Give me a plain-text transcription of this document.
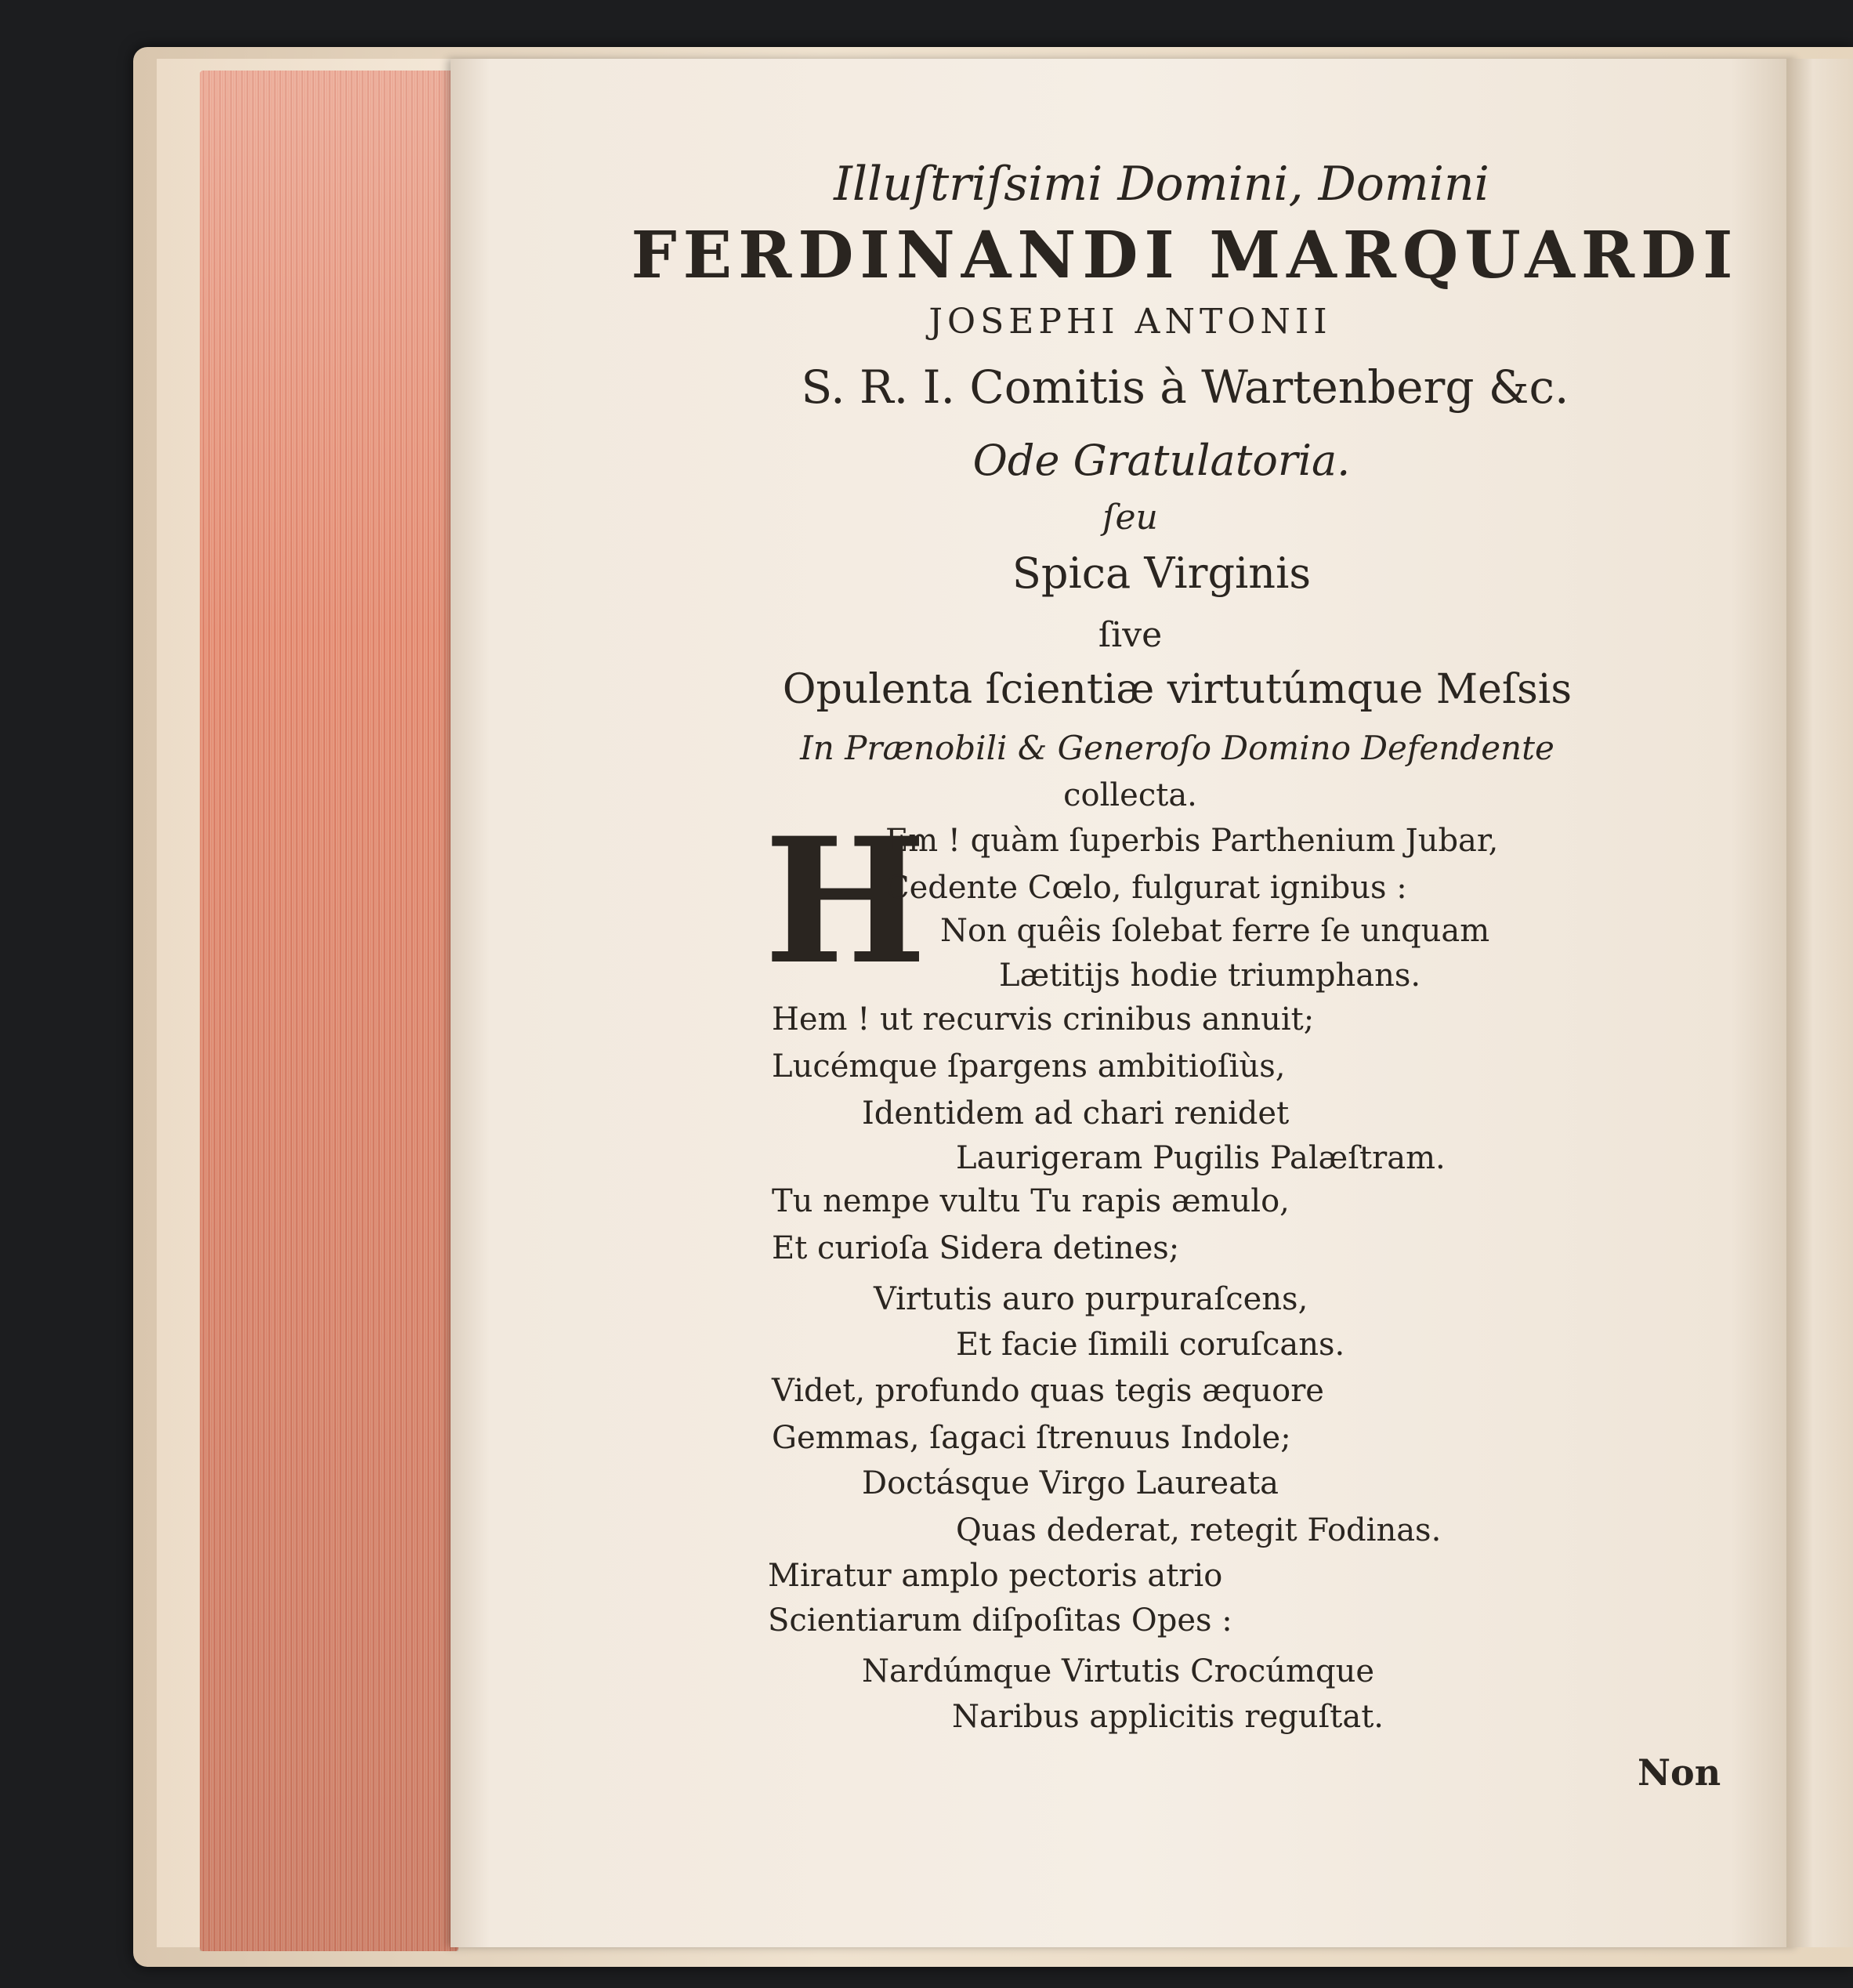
Illuſtriſsimi Domini, Domini
FERDINANDI MARQUARDI
JOSEPHI ANTONII
S. R. I. Comitis à Wartenberg &c.
Ode Gratulatoria.
ſeu
Spica Virginis
ſive
Opulenta ſcientiæ virtutúmque Meſsis
In Prænobili & Generoſo Domino Defendente
collecta.
H
Em ! quàm ſuperbis Parthenium Jubar,
Cedente Cœlo, fulgurat ignibus :
Non quêis ſolebat ferre ſe unquam
Lætitijs hodie triumphans.
Hem ! ut recurvis crinibus annuit;
Lucémque ſpargens ambitioſiùs,
Identidem ad chari renidet
Laurigeram Pugilis Palæſtram.
Tu nempe vultu Tu rapis æmulo,
Et curioſa Sidera detines;
Virtutis auro purpuraſcens,
Et facie ſimili coruſcans.
Videt, profundo quas tegis æquore
Gemmas, ſagaci ſtrenuus Indole;
Doctásque Virgo Laureata
Quas dederat, retegit Fodinas.
Miratur amplo pectoris atrio
Scientiarum diſpoſitas Opes :
Nardúmque Virtutis Crocúmque
Naribus applicitis reguſtat.
Non
